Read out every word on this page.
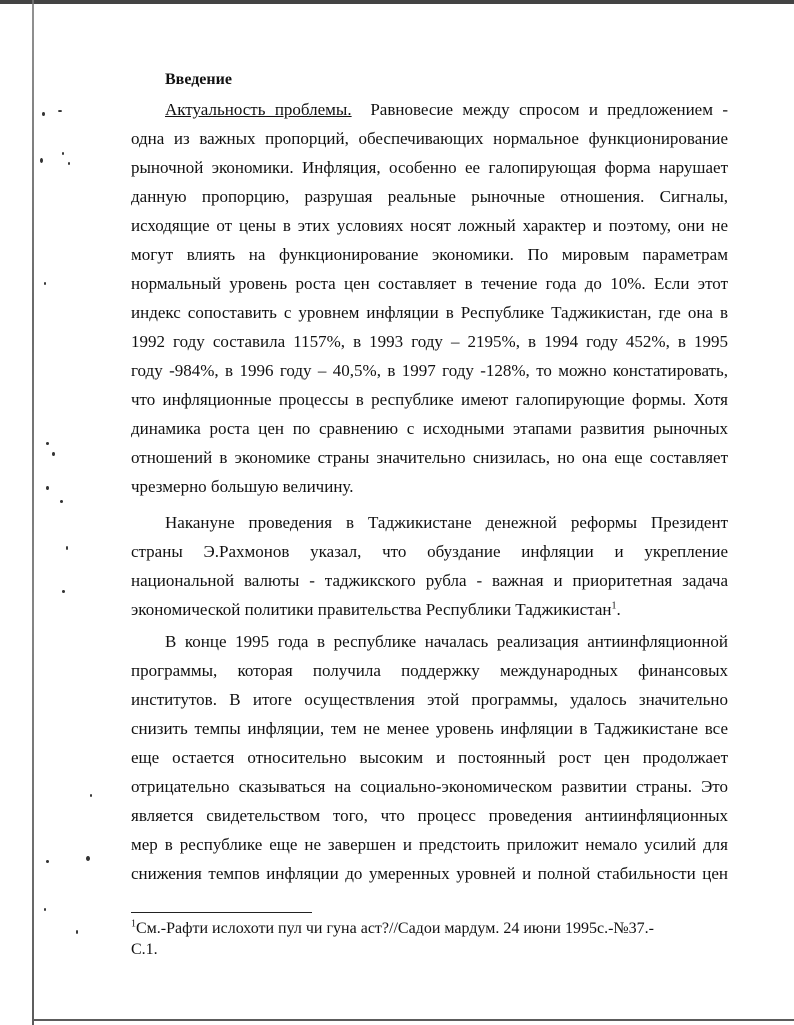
Введение
Актуальность проблемы. Равновесие между спросом и предложением -
одна из важных пропорций, обеспечивающих нормальное функционирование
рыночной экономики. Инфляция, особенно ее галопирующая форма нарушает
данную пропорцию, разрушая реальные рыночные отношения. Сигналы,
исходящие от цены в этих условиях носят ложный характер и поэтому, они не
могут влиять на функционирование экономики. По мировым параметрам
нормальный уровень роста цен составляет в течение года до 10%. Если этот
индекс сопоставить с уровнем инфляции в Республике Таджикистан, где она в
1992 году составила 1157%, в 1993 году – 2195%, в 1994 году 452%, в 1995
году -984%, в 1996 году – 40,5%, в 1997 году -128%, то можно констатировать,
что инфляционные процессы в республике имеют галопирующие формы. Хотя
динамика роста цен по сравнению с исходными этапами развития рыночных
отношений в экономике страны значительно снизилась, но она еще составляет
чрезмерно большую величину.
Накануне проведения в Таджикистане денежной реформы Президент
страны Э.Рахмонов указал, что обуздание инфляции и укрепление
национальной валюты - таджикского рубла - важная и приоритетная задача
экономической политики правительства Республики Таджикистан$^1$.
В конце 1995 года в республике началась реализация антиинфляционной
программы, которая получила поддержку международных финансовых
институтов. В итоге осуществления этой программы, удалось значительно
снизить темпы инфляции, тем не менее уровень инфляции в Таджикистане все
еще остается относительно высоким и постоянный рост цен продолжает
отрицательно сказываться на социально-экономическом развитии страны. Это
является свидетельством того, что процесс проведения антиинфляционных
мер в республике еще не завершен и предстоить приложит немало усилий для
снижения темпов инфляции до умеренных уровней и полной стабильности цен
$^1$См.-Рафти ислохоти пул чи гуна аст?//Садои мардум. 24 июни 1995с.-№37.-
С.1.
